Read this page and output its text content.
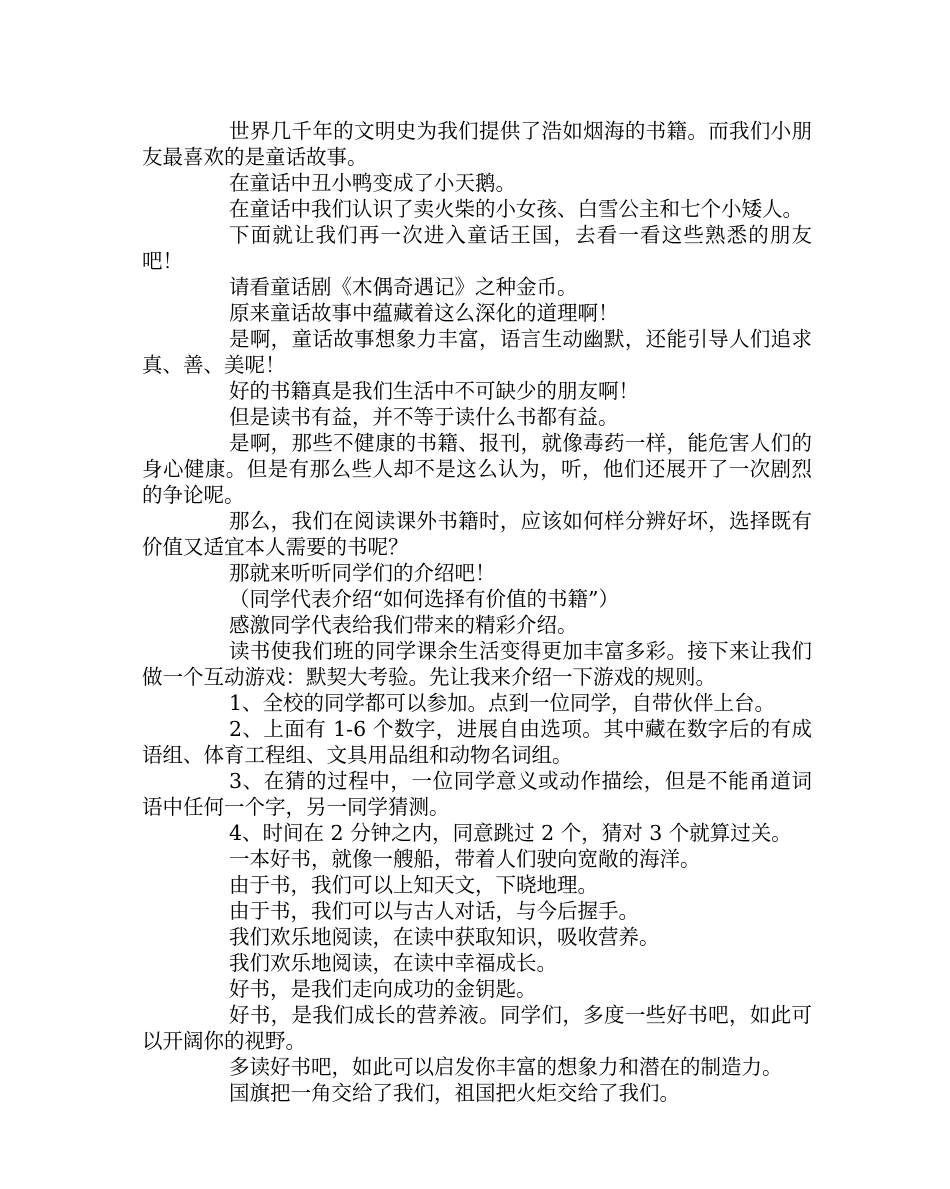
世界几千年的文明史为我们提供了浩如烟海的书籍。而我们小朋友最喜欢的是童话故事。

在童话中丑小鸭变成了小天鹅。

在童话中我们认识了卖火柴的小女孩、白雪公主和七个小矮人。

下面就让我们再一次进入童话王国，去看一看这些熟悉的朋友吧！

请看童话剧《木偶奇遇记》之种金币。

原来童话故事中蕴藏着这么深化的道理啊！

是啊，童话故事想象力丰富，语言生动幽默，还能引导人们追求真、善、美呢！

好的书籍真是我们生活中不可缺少的朋友啊！

但是读书有益，并不等于读什么书都有益。

是啊，那些不健康的书籍、报刊，就像毒药一样，能危害人们的身心健康。但是有那么些人却不是这么认为，听，他们还展开了一次剧烈的争论呢。

那么，我们在阅读课外书籍时，应该如何样分辨好坏，选择既有价值又适宜本人需要的书呢？

那就来听听同学们的介绍吧！

（同学代表介绍“如何选择有价值的书籍”）

感激同学代表给我们带来的精彩介绍。

读书使我们班的同学课余生活变得更加丰富多彩。接下来让我们做一个互动游戏：默契大考验。先让我来介绍一下游戏的规则。

1、全校的同学都可以参加。点到一位同学，自带伙伴上台。

2、上面有 1-6 个数字，进展自由选项。其中藏在数字后的有成语组、体育工程组、文具用品组和动物名词组。

3、在猜的过程中，一位同学意义或动作描绘，但是不能甬道词语中任何一个字，另一同学猜测。

4、时间在 2 分钟之内，同意跳过 2 个，猜对 3 个就算过关。

一本好书，就像一艘船，带着人们驶向宽敞的海洋。

由于书，我们可以上知天文，下晓地理。

由于书，我们可以与古人对话，与今后握手。

我们欢乐地阅读，在读中获取知识，吸收营养。

我们欢乐地阅读，在读中幸福成长。

好书，是我们走向成功的金钥匙。

好书，是我们成长的营养液。同学们，多度一些好书吧，如此可以开阔你的视野。

多读好书吧，如此可以启发你丰富的想象力和潜在的制造力。

国旗把一角交给了我们，祖国把火炬交给了我们。
